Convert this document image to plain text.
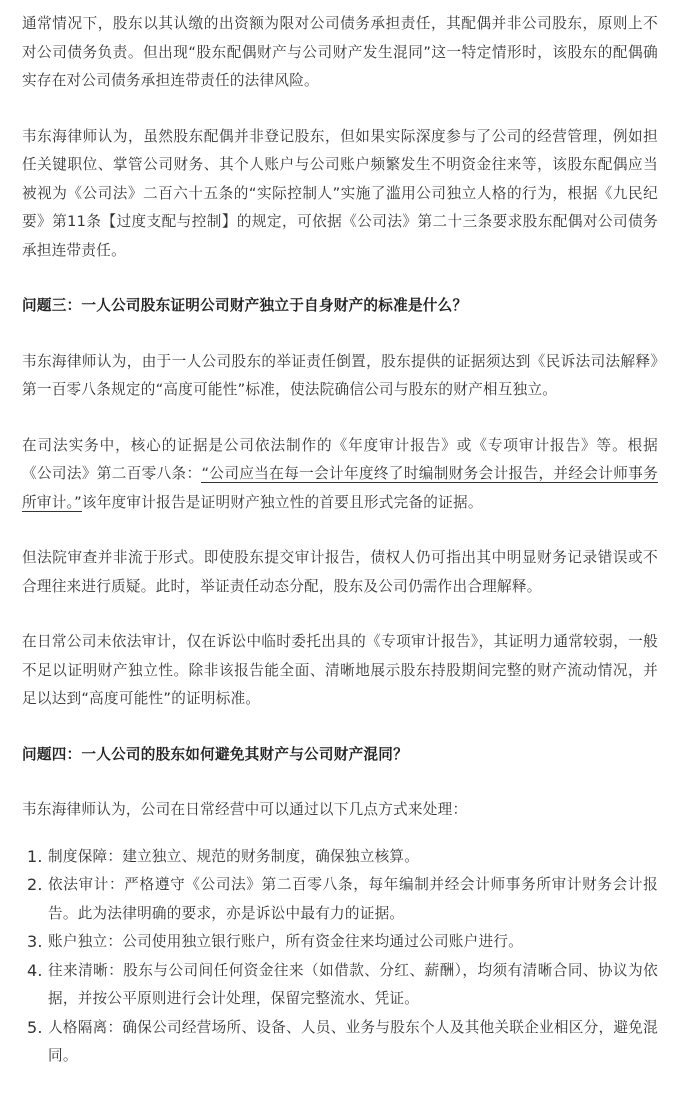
通常情况下，股东以其认缴的出资额为限对公司债务承担责任，其配偶并非公司股东，原则上不对公司债务负责。但出现“股东配偶财产与公司财产发生混同”这一特定情形时，该股东的配偶确实存在对公司债务承担连带责任的法律风险。

韦东海律师认为，虽然股东配偶并非登记股东，但如果实际深度参与了公司的经营管理，例如担任关键职位、掌管公司财务、其个人账户与公司账户频繁发生不明资金往来等，该股东配偶应当被视为《公司法》二百六十五条的“实际控制人”实施了滥用公司独立人格的行为，根据《九民纪要》第11条【过度支配与控制】的规定，可依据《公司法》第二十三条要求股东配偶对公司债务承担连带责任。

问题三：一人公司股东证明公司财产独立于自身财产的标准是什么？

韦东海律师认为，由于一人公司股东的举证责任倒置，股东提供的证据须达到《民诉法司法解释》第一百零八条规定的“高度可能性”标准，使法院确信公司与股东的财产相互独立。

在司法实务中，核心的证据是公司依法制作的《年度审计报告》或《专项审计报告》等。根据《公司法》第二百零八条：“公司应当在每一会计年度终了时编制财务会计报告，并经会计师事务所审计。”该年度审计报告是证明财产独立性的首要且形式完备的证据。

但法院审查并非流于形式。即使股东提交审计报告，债权人仍可指出其中明显财务记录错误或不合理往来进行质疑。此时，举证责任动态分配，股东及公司仍需作出合理解释。

在日常公司未依法审计，仅在诉讼中临时委托出具的《专项审计报告》，其证明力通常较弱，一般不足以证明财产独立性。除非该报告能全面、清晰地展示股东持股期间完整的财产流动情况，并足以达到“高度可能性”的证明标准。

问题四：一人公司的股东如何避免其财产与公司财产混同？

韦东海律师认为，公司在日常经营中可以通过以下几点方式来处理：

1. 制度保障：建立独立、规范的财务制度，确保独立核算。
2. 依法审计：严格遵守《公司法》第二百零八条，每年编制并经会计师事务所审计财务会计报告。此为法律明确的要求，亦是诉讼中最有力的证据。
3. 账户独立：公司使用独立银行账户，所有资金往来均通过公司账户进行。
4. 往来清晰：股东与公司间任何资金往来（如借款、分红、薪酬），均须有清晰合同、协议为依据，并按公平原则进行会计处理，保留完整流水、凭证。
5. 人格隔离：确保公司经营场所、设备、人员、业务与股东个人及其他关联企业相区分，避免混同。
